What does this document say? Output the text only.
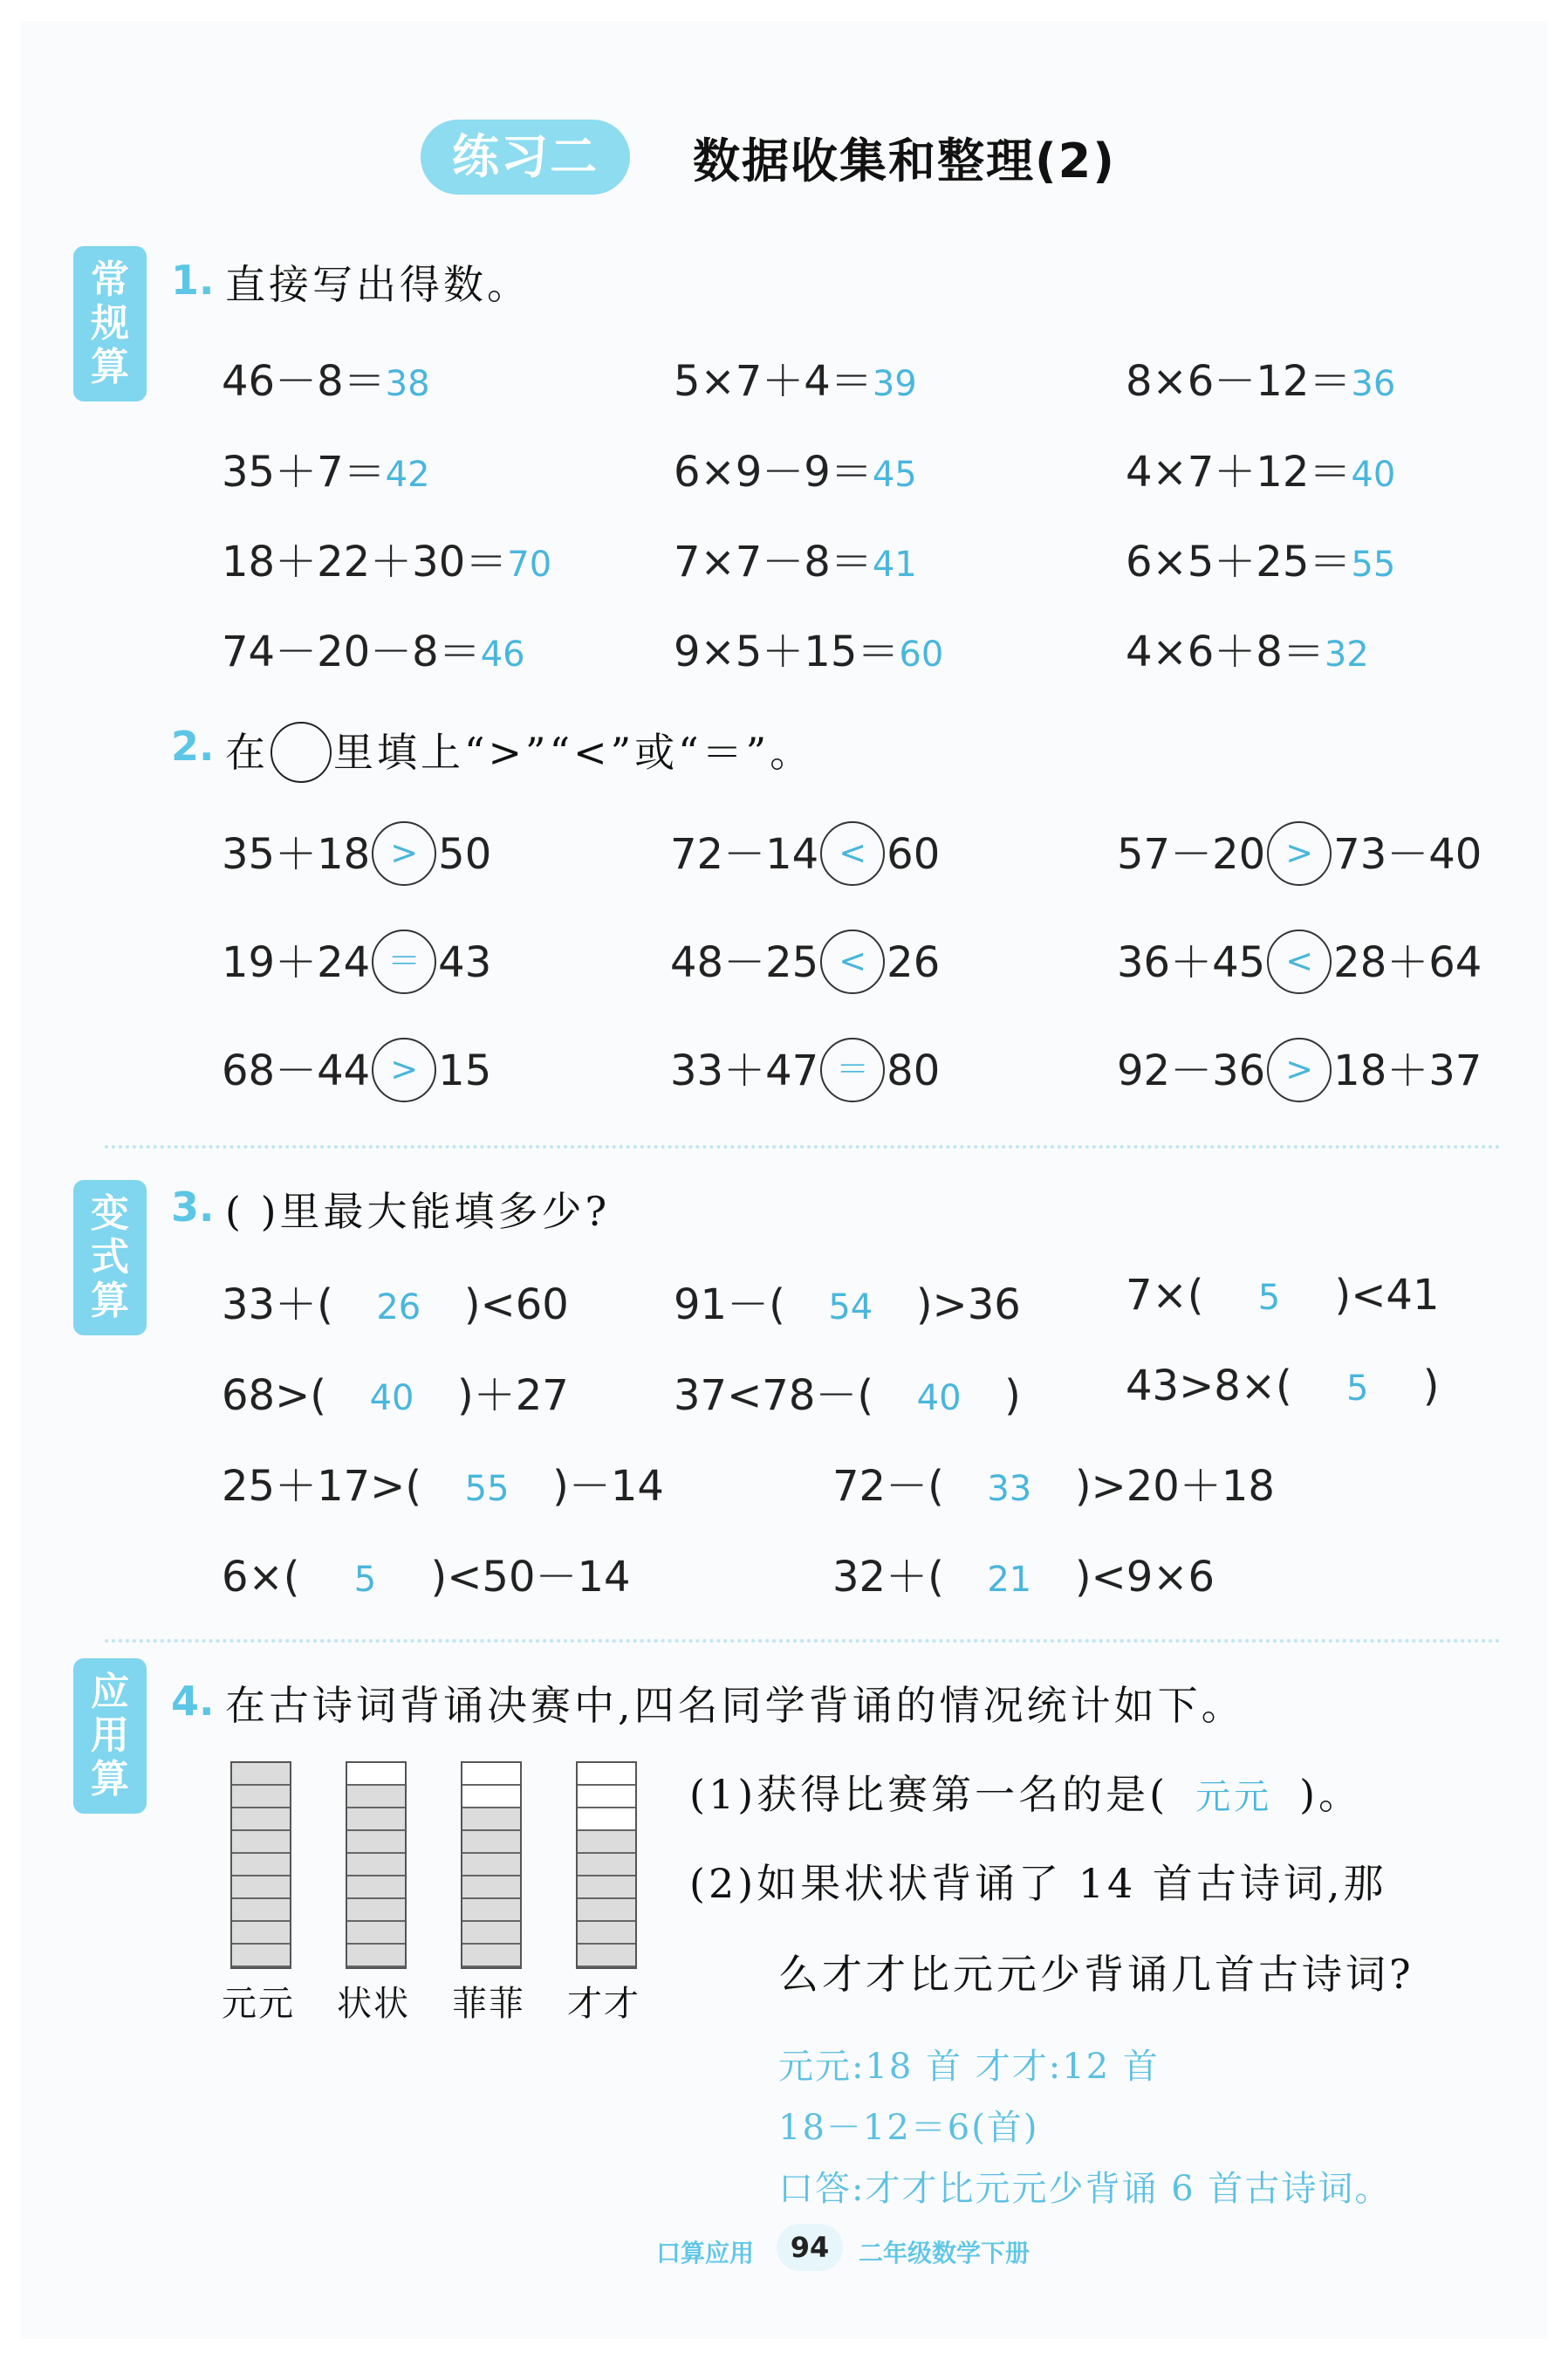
练习二	数据收集和整理(2)
常
规
算
变
式
算
应
用
算
1. 直接写出得数。
46－8＝38	5×7＋4＝39	8×6－12＝36
35＋7＝42	6×9－9＝45	4×7＋12＝40
18＋22＋30＝70	7×7－8＝41	6×5＋25＝55
74－20－8＝46	9×5＋15＝60	4×6＋8＝32
2. 在 里填上“>”“<”或“＝”。
35＋18 > 50	72－14 < 60	57－20 > 73－40
19＋24 ＝ 43	48－25 < 26	36＋45 < 28＋64
68－44 > 15	33＋47 ＝ 80	92－36 > 18＋37
3. ( )里最大能填多少?
33＋( 26 )<60	91－( 54 )>36	7×( 5 )<41
68>( 40 )＋27	37<78－( 40 )	43>8×( 5 )
25＋17>( 55 )－14	72－( 33 )>20＋18
6×( 5 )<50－14	32＋( 21 )<9×6
4. 在古诗词背诵决赛中,四名同学背诵的情况统计如下。
元元 状状 菲菲 才才
(1)获得比赛第一名的是( 元元 )。
(2)如果状状背诵了 14 首古诗词,那
么才才比元元少背诵几首古诗词?
元元:18 首 才才:12 首
18－12＝6(首)
口答:才才比元元少背诵 6 首古诗词。
口算应用	94	二年级数学下册
